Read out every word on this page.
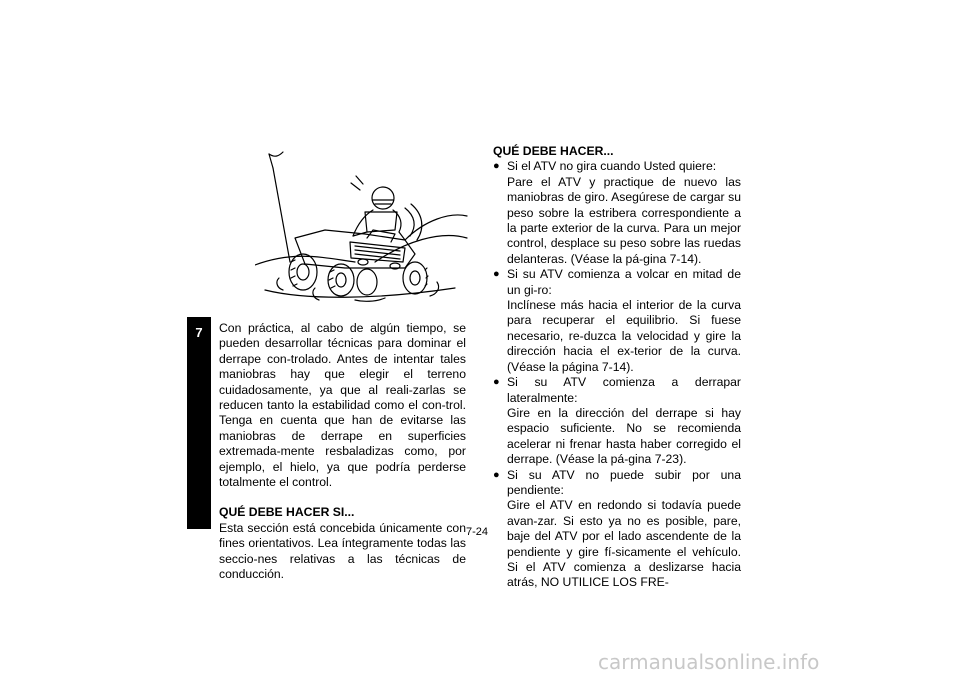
7	Con práctica, al cabo de algún tiempo, se pueden desarrollar técnicas para dominar el derrape con-trolado. Antes de intentar tales maniobras hay que elegir el terreno cuidadosamente, ya que al reali-zarlas se reducen tanto la estabilidad como el con-trol. Tenga en cuenta que han de evitarse las maniobras de derrape en superficies extremada-mente resbaladizas como, por ejemplo, el hielo, ya que podría perderse totalmente el control.

QUÉ DEBE HACER SI...

Esta sección está concebida únicamente con fines orientativos. Lea íntegramente todas las seccio-nes relativas a las técnicas de conducción.

QUÉ DEBE HACER...

● Si el ATV no gira cuando Usted quiere:

Pare el ATV y practique de nuevo las maniobras de giro. Asegúrese de cargar su peso sobre la estribera correspondiente a la parte exterior de la curva. Para un mejor control, desplace su peso sobre las ruedas delanteras. (Véase la pá-gina 7-14).

● Si su ATV comienza a volcar en mitad de un gi-ro:

Inclínese más hacia el interior de la curva para recuperar el equilibrio. Si fuese necesario, re-duzca la velocidad y gire la dirección hacia el ex-terior de la curva. (Véase la página 7-14).

● Si su ATV comienza a derrapar lateralmente:

Gire en la dirección del derrape si hay espacio suficiente. No se recomienda acelerar ni frenar hasta haber corregido el derrape. (Véase la pá-gina 7-23).

● Si su ATV no puede subir por una pendiente:

Gire el ATV en redondo si todavía puede avan-zar. Si esto ya no es posible, pare, baje del ATV por el lado ascendente de la pendiente y gire fí-sicamente el vehículo. Si el ATV comienza a deslizarse hacia atrás, NO UTILICE LOS FRE-

7-24
carmanualsonline.info
